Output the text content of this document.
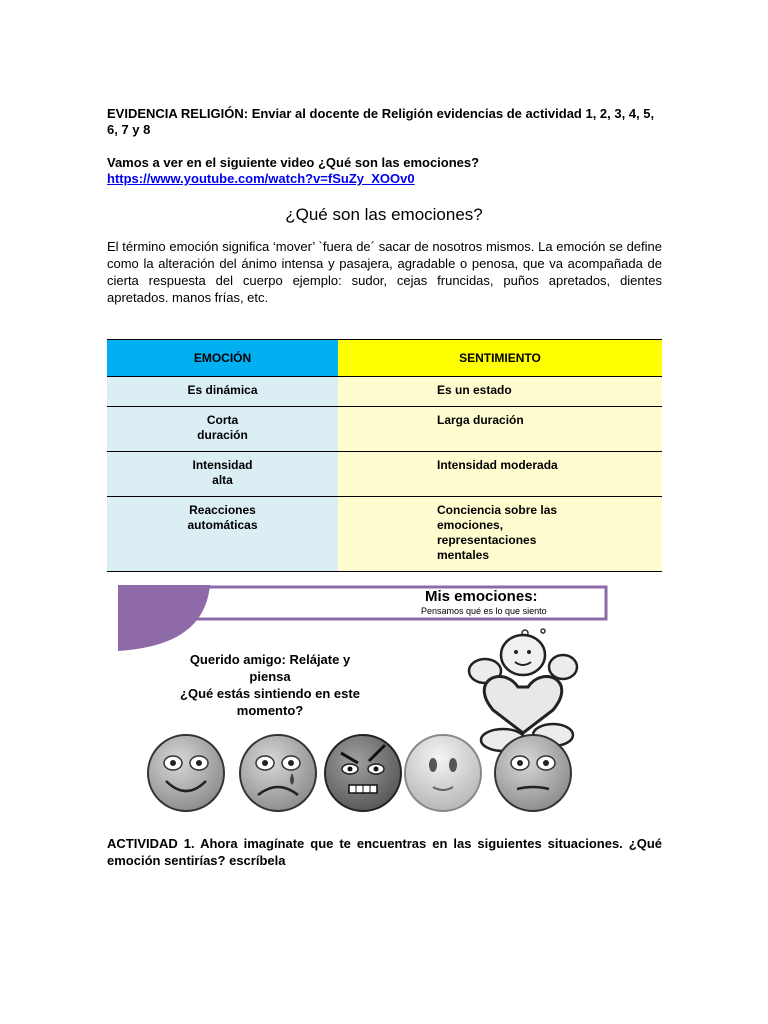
EVIDENCIA RELIGIÓN: Enviar al docente de Religión evidencias de actividad 1, 2, 3, 4, 5, 6, 7 y 8
Vamos a ver en el siguiente video ¿Qué son las emociones?
https://www.youtube.com/watch?v=fSuZy_XOOv0
¿Qué son las emociones?
El término emoción significa ‘mover’ `fuera de´ sacar de nosotros mismos. La emoción se define como la alteración del ánimo intensa y pasajera, agradable o penosa, que va acompañada de cierta respuesta del cuerpo ejemplo: sudor, cejas fruncidas, puños apretados, dientes apretados. manos frías, etc.
EMOCIÓN	SENTIMIENTO
Es dinámica	Es un estado
Corta
duración	Larga duración
Intensidad
alta	Intensidad moderada
Reacciones
automáticas	Conciencia sobre las
emociones,
representaciones
mentales
Mis emociones:
Pensamos qué es lo que siento
Querido amigo: Relájate y
piensa
¿Qué estás sintiendo en este
momento?
ACTIVIDAD 1. Ahora imagínate que te encuentras en las siguientes situaciones. ¿Qué emoción sentirías? escríbela
